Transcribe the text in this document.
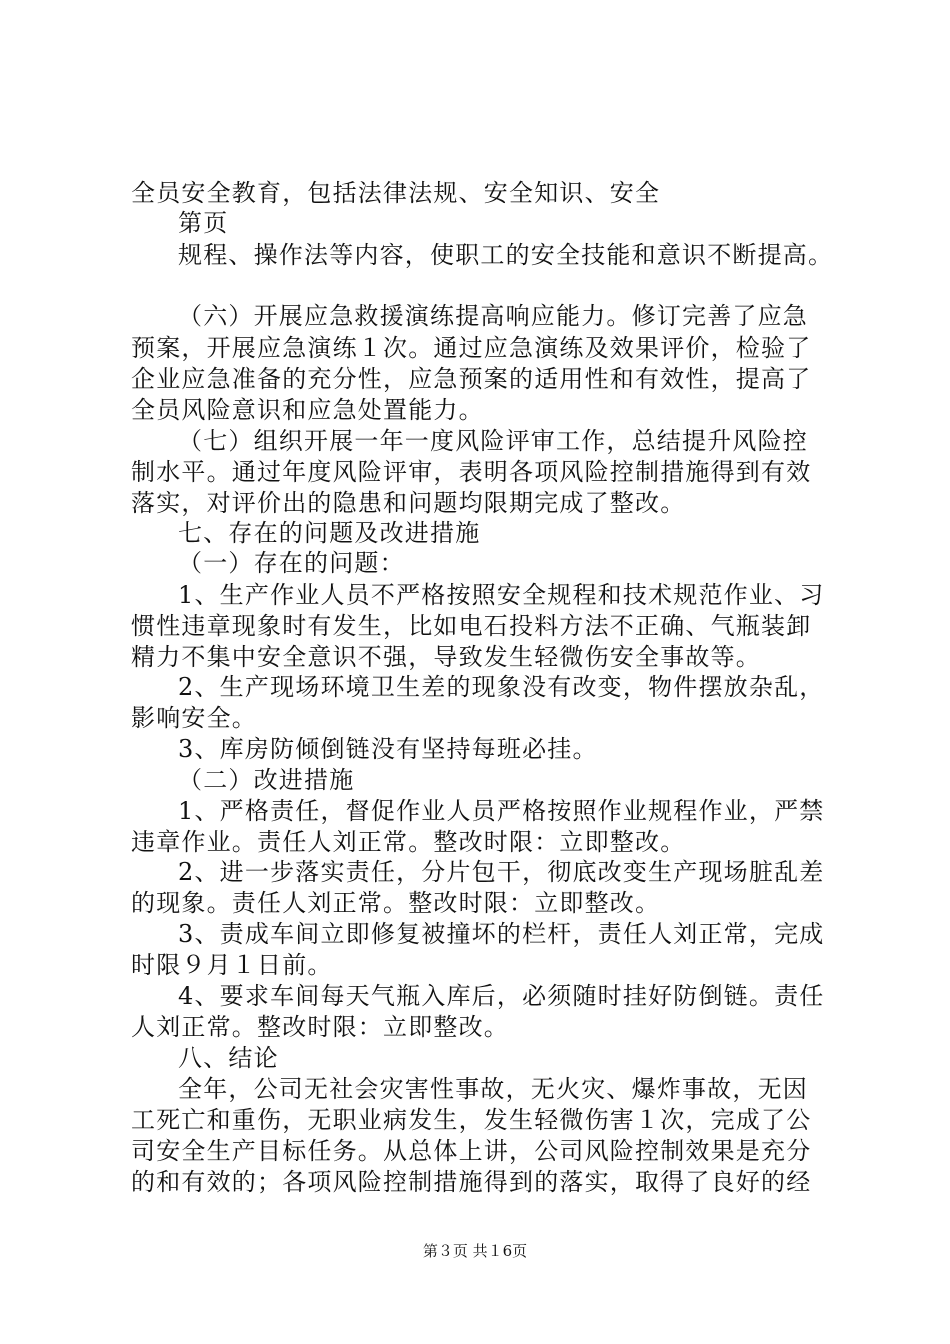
全员安全教育，包括法律法规、安全知识、安全
第页
规程、操作法等内容，使职工的安全技能和意识不断提高。
（六）开展应急救援演练提高响应能力。修订完善了应急
预案，开展应急演练１次。通过应急演练及效果评价，检验了
企业应急准备的充分性，应急预案的适用性和有效性，提高了
全员风险意识和应急处置能力。
（七）组织开展一年一度风险评审工作，总结提升风险控
制水平。通过年度风险评审，表明各项风险控制措施得到有效
落实，对评价出的隐患和问题均限期完成了整改。
七、存在的问题及改进措施
（一）存在的问题：
1、生产作业人员不严格按照安全规程和技术规范作业、习
惯性违章现象时有发生，比如电石投料方法不正确、气瓶装卸
精力不集中安全意识不强，导致发生轻微伤安全事故等。
2、生产现场环境卫生差的现象没有改变，物件摆放杂乱，
影响安全。
3、库房防倾倒链没有坚持每班必挂。
（二）改进措施
1、严格责任，督促作业人员严格按照作业规程作业，严禁
违章作业。责任人刘正常。整改时限：立即整改。
2、进一步落实责任，分片包干，彻底改变生产现场脏乱差
的现象。责任人刘正常。整改时限：立即整改。
3、责成车间立即修复被撞坏的栏杆，责任人刘正常，完成
时限９月１日前。
4、要求车间每天气瓶入库后，必须随时挂好防倒链。责任
人刘正常。整改时限：立即整改。
八、结论
全年，公司无社会灾害性事故，无火灾、爆炸事故，无因
工死亡和重伤，无职业病发生，发生轻微伤害１次，完成了公
司安全生产目标任务。从总体上讲，公司风险控制效果是充分
的和有效的；各项风险控制措施得到的落实，取得了良好的经
第３页 共１6页
